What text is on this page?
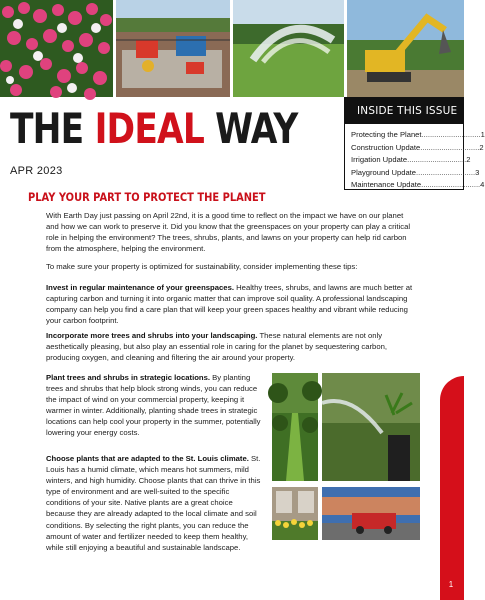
INSIDE THIS ISSUE
Protecting the Planet ............................ 1
Construction Update ............................ 2
Irrigation Update ............................ 2
Playground Update ............................ 3
Maintenance Update ............................ 4
THE IDEAL WAY
APR 2023
PLAY YOUR PART TO PROTECT THE PLANET
With Earth Day just passing on April 22nd, it is a good time to reflect on the impact we have on our planet and how we can work to preserve it. Did you know that the greenspaces on your property can play a critical role in helping the environment? The trees, shrubs, plants, and lawns on your property can help rid carbon from the atmosphere, helping the environment.
To make sure your property is optimized for sustainability, consider implementing these tips:
Invest in regular maintenance of your greenspaces. Healthy trees, shrubs, and lawns are much better at capturing carbon and turning it into organic matter that can improve soil quality. A professional landscaping company can help you find a care plan that will keep your green spaces healthy and vibrant while reducing your carbon footprint.
Incorporate more trees and shrubs into your landscaping. These natural elements are not only aesthetically pleasing, but also play an essential role in caring for the planet by sequestering carbon, producing oxygen, and cleaning and filtering the air around your property.
Plant trees and shrubs in strategic locations. By planting trees and shrubs that help block strong winds, you can reduce the impact of wind on your commercial property, keeping it warmer in winter. Additionally, planting shade trees in strategic locations can help cool your property in the summer, potentially lowering your energy costs.
Choose plants that are adapted to the St. Louis climate. St. Louis has a humid climate, which means hot summers, mild winters, and high humidity. Choose plants that can thrive in this type of environment and are well-suited to the specific conditions of your site. Native plants are a great choice because they are already adapted to the local climate and soil conditions. By selecting the right plants, you can reduce the amount of water and fertilizer needed to keep them healthy, while still enjoying a beautiful and sustainable landscape.
1
